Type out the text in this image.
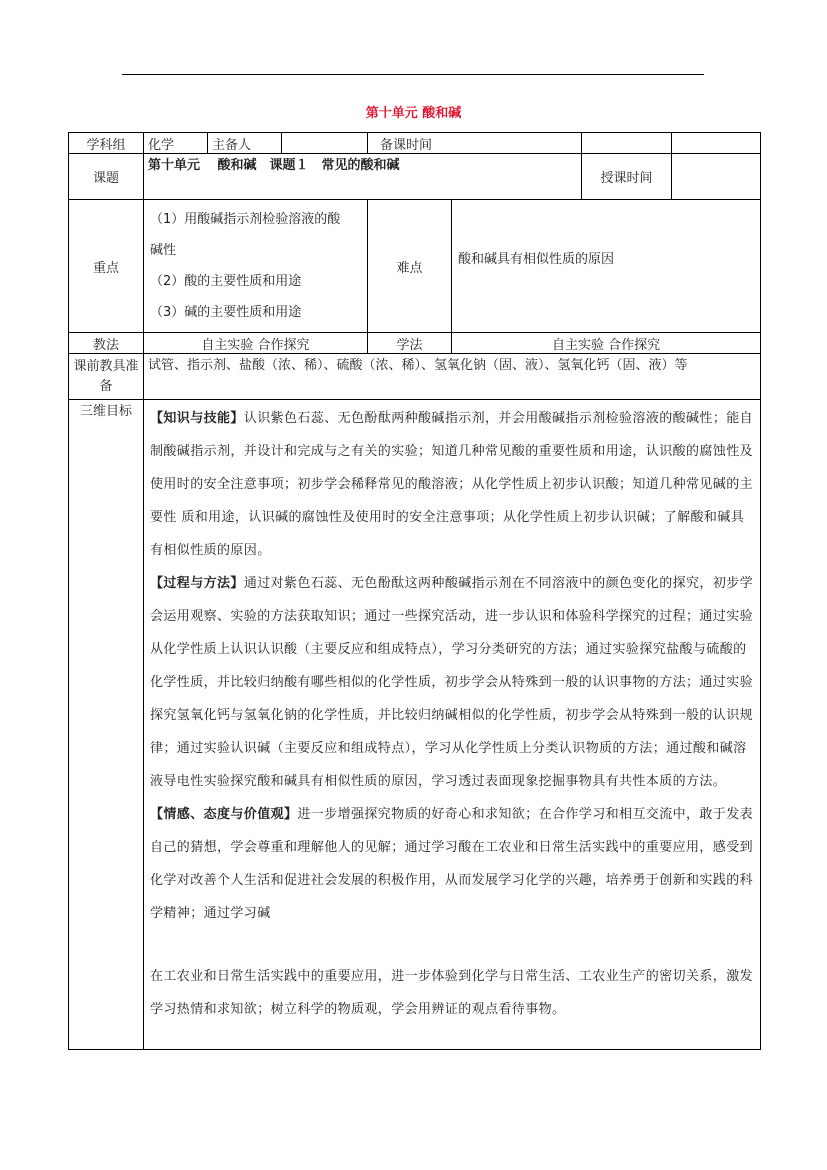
第十单元 酸和碱
学科组	化学	主备人		备课时间			
课题	第十单元　 酸和碱　课题１　常见的酸和碱					授课时间	
重点	（1）用酸碱指示剂检验溶液的酸
碱性
（2）酸的主要性质和用途
（3）碱的主要性质和用途			难点	酸和碱具有相似性质的原因		
教法	自主实验 合作探究			学法	自主实验 合作探究		
课前教具准备	试管、指示剂、盐酸（浓、稀）、硫酸（浓、稀）、氢氧化钠（固、液）、氢氧化钙（固、液）等						
三维目标	【知识与技能】认识紫色石蕊、无色酚酞两种酸碱指示剂，并会用酸碱指示剂检验溶液的酸碱性；能自制酸碱指示剂，并设计和完成与之有关的实验；知道几种常见酸的重要性质和用途，认识酸的腐蚀性及使用时的安全注意事项；初步学会稀释常见的酸溶液；从化学性质上初步认识酸；知道几种常见碱的主要性 质和用途，认识碱的腐蚀性及使用时的安全注意事项；从化学性质上初步认识碱；了解酸和碱具有相似性质的原因。

【过程与方法】通过对紫色石蕊、无色酚酞这两种酸碱指示剂在不同溶液中的颜色变化的探究，初步学会运用观察、实验的方法获取知识；通过一些探究活动，进一步认识和体验科学探究的过程；通过实验从化学性质上认识认识酸（主要反应和组成特点），学习分类研究的方法；通过实验探究盐酸与硫酸的 化学性质，并比较归纳酸有哪些相似的化学性质，初步学会从特殊到一般的认识事物的方法；通过实验探究氢氧化钙与氢氧化钠的化学性质，并比较归纳碱相似的化学性质，初步学会从特殊到一般的认识规律；通过实验认识碱（主要反应和组成特点），学习从化学性质上分类认识物质的方法；通过酸和碱溶液导电性实验探究酸和碱具有相似性质的原因，学习透过表面现象挖掘事物具有共性本质的方法。

【情感、态度与价值观】进一步增强探究物质的好奇心和求知欲；在合作学习和相互交流中，敢于发表自己的猜想，学会尊重和理解他人的见解；通过学习酸在工农业和日常生活实践中的重要应用，感受到化学对改善个人生活和促进社会发展的积极作用，从而发展学习化学的兴趣，培养勇于创新和实践的科学精神；通过学习碱

在工农业和日常生活实践中的重要应用，进一步体验到化学与日常生活、工农业生产的密切关系，激发学习热情和求知欲；树立科学的物质观，学会用辨证的观点看待事物。						
